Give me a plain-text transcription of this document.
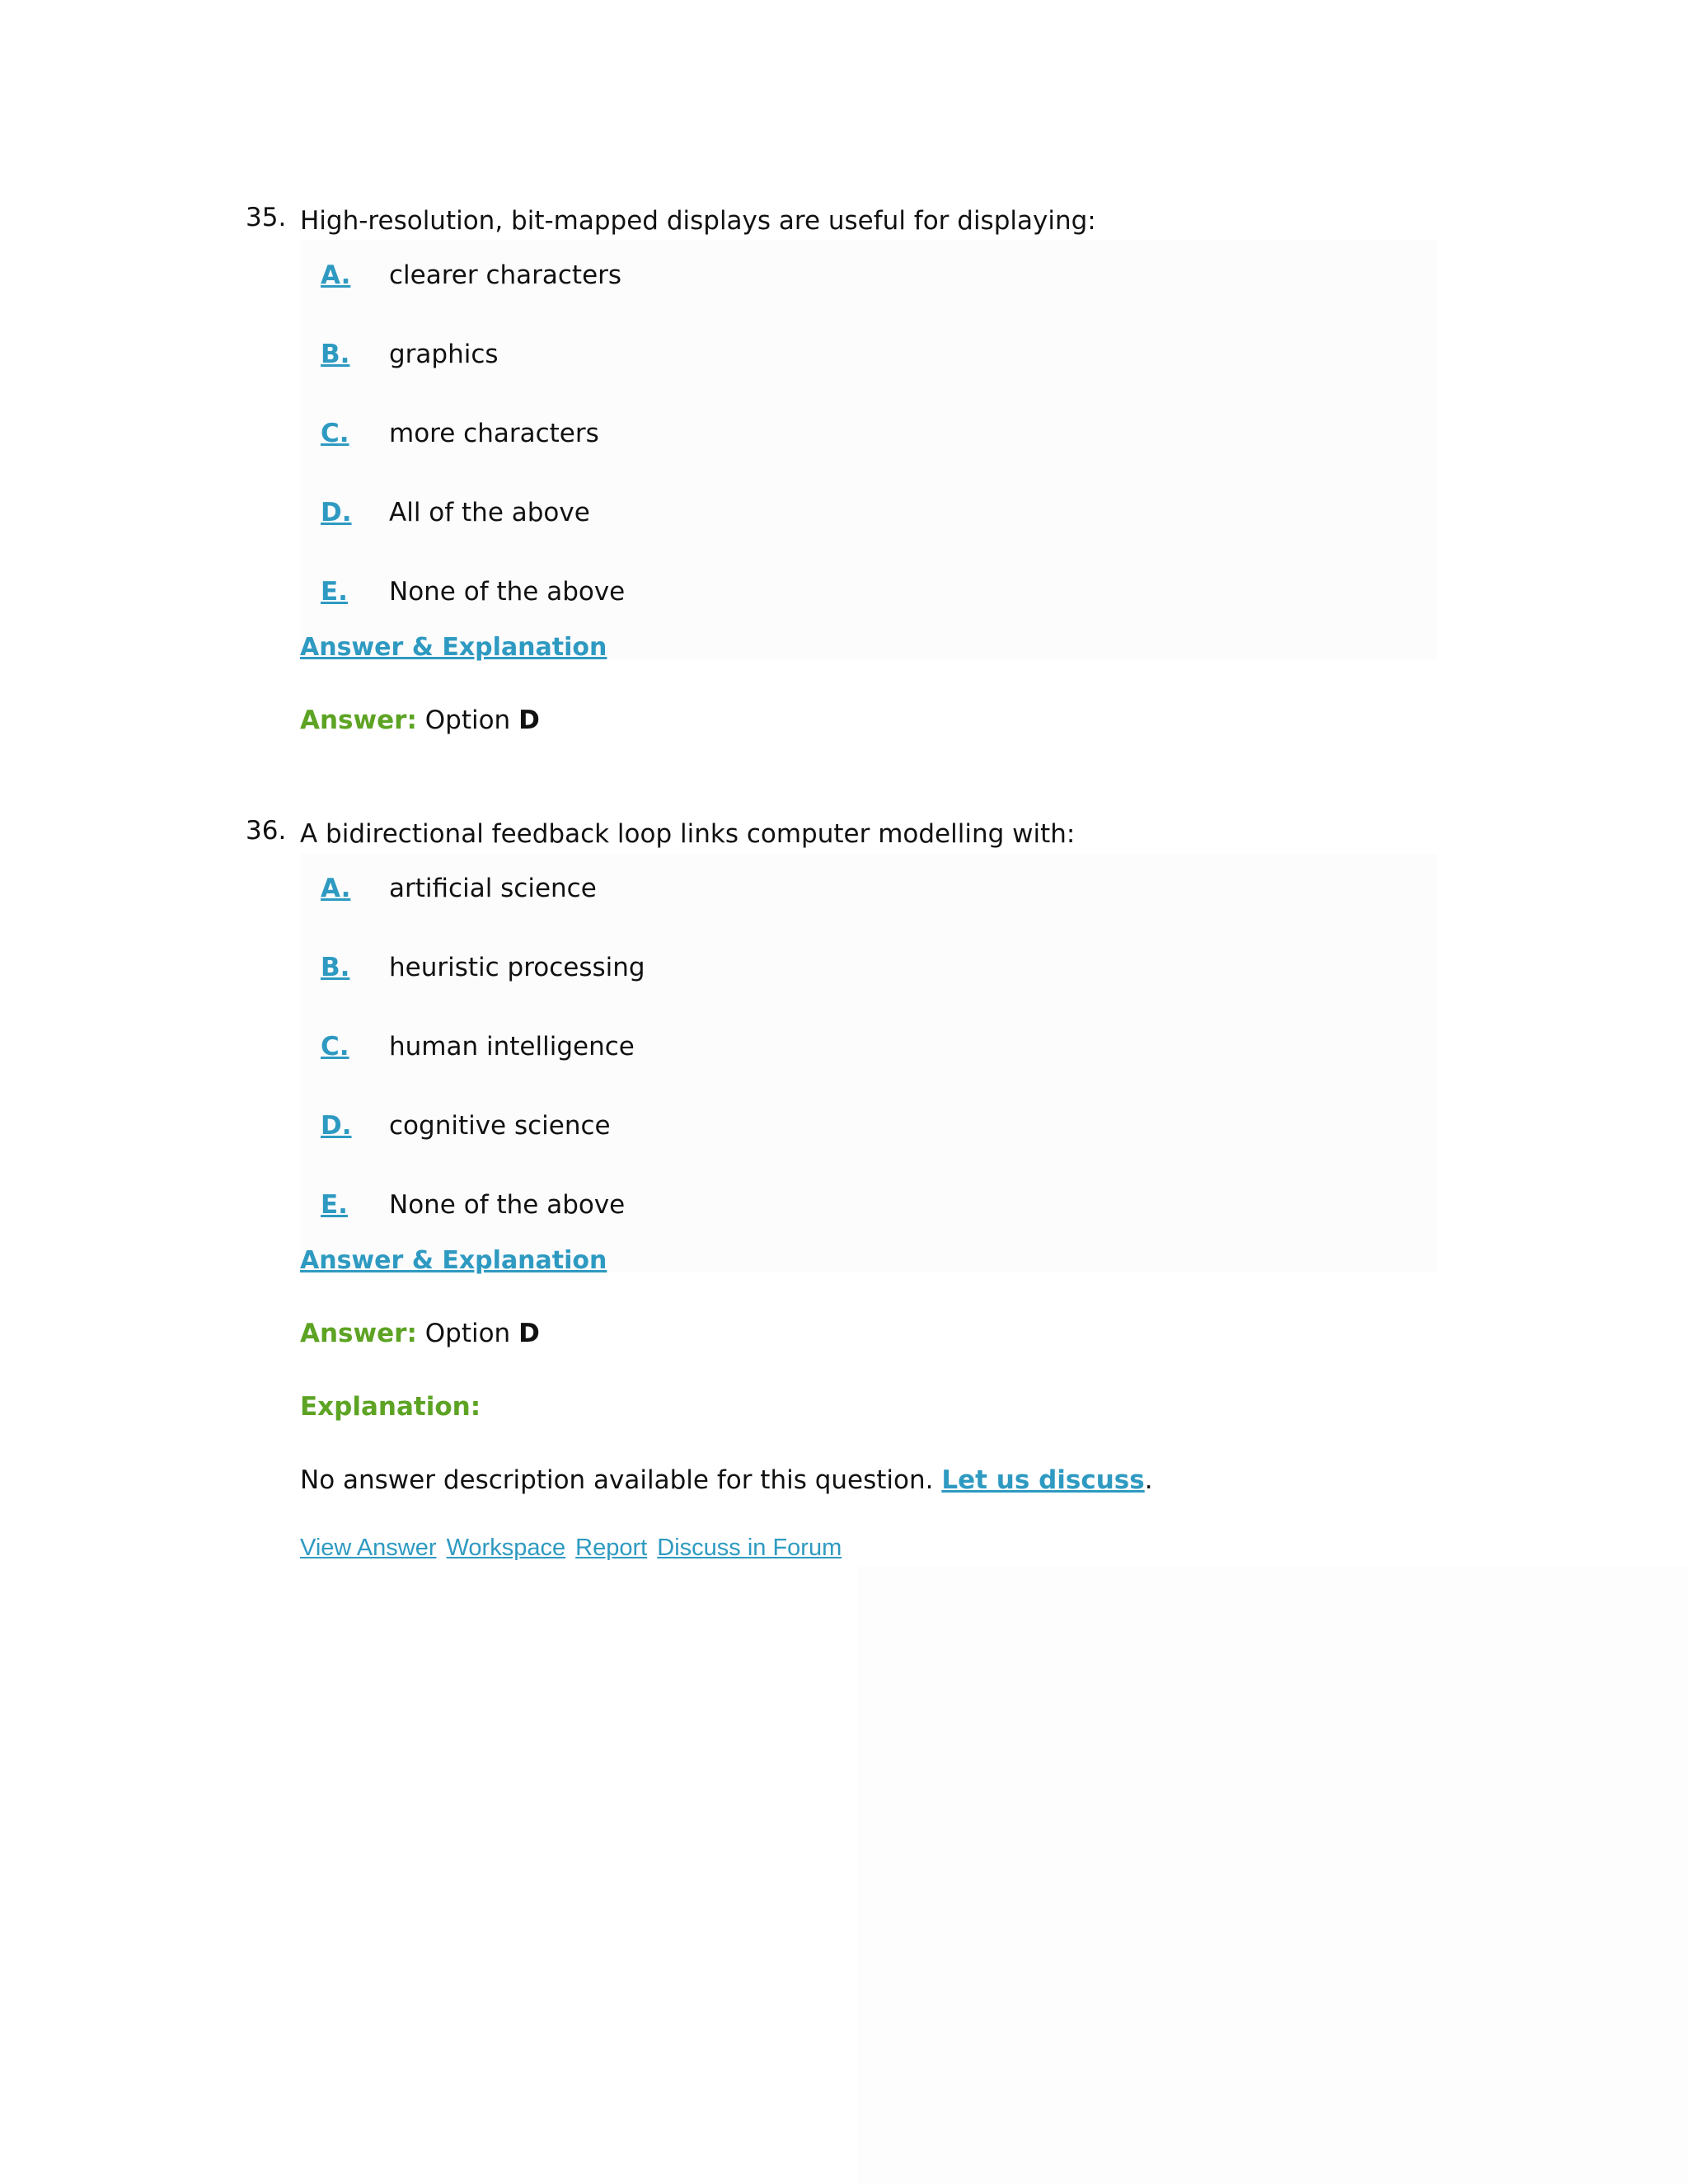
35. High-resolution, bit-mapped displays are useful for displaying:
A. clearer characters
B. graphics
C. more characters
D. All of the above
E. None of the above
Answer & Explanation
Answer: Option D
36. A bidirectional feedback loop links computer modelling with:
A. artificial science
B. heuristic processing
C. human intelligence
D. cognitive science
E. None of the above
Answer & Explanation
Answer: Option D
Explanation:
No answer description available for this question. Let us discuss.
View Answer Workspace Report Discuss in Forum
